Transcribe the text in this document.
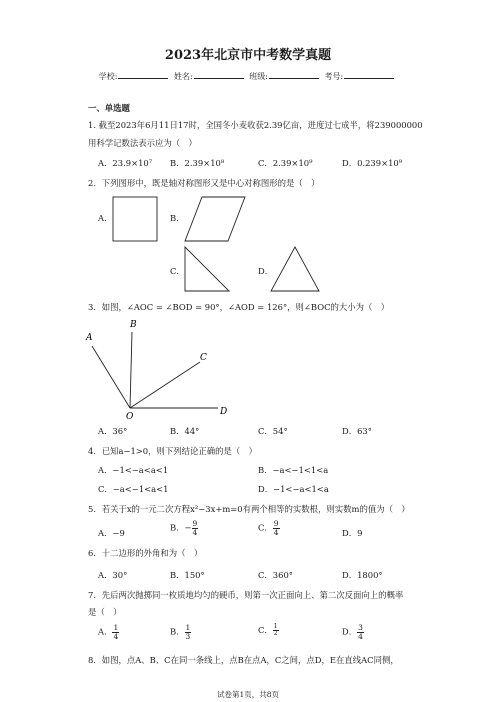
2023年北京市中考数学真题
学校:	姓名:	班级:	考号:
一、单选题
1. 截至2023年6月11日17时，全国冬小麦收获2.39亿亩，进度过七成半，将239000000
用科学记数法表示应为（　）
A．23.9×10⁷ B．2.39×10⁸	C．2.39×10⁹	D．0.239×10⁹
2．下列图形中，既是轴对称图形又是中心对称图形的是（　）
A．	B．
C．	D．
3．如图，∠AOC = ∠BOD = 90°，∠AOD = 126°，则∠BOC的大小为（　）
A
B
C
D
O
A．36°	B．44°	C．54°	D．63°
4．已知a−1>0，则下列结论正确的是（　）
A．−1<−a<a<1	B．−a<−1<1<a
C．−a<−1<a<1	D．−1<−a<1<a
5．若关于x的一元二次方程x²−3x+m=0有两个相等的实数根，则实数m的值为（　）
A．−9
B．− $\frac{9}{4}$	C． $\frac{9}{4}$	D．9
6．十二边形的外角和为（　）
A．30°	B．150°	C．360°	D．1800°
7．先后两次抛掷同一枚质地均匀的硬币，则第一次正面向上、第二次反面向上的概率
是（　）
A． $\frac{1}{4}$	B． $\frac{1}{3}$	C． $\frac{1}{2}$	D． $\frac{3}{4}$
8．如图，点A、B、C在同一条线上，点B在点A，C之间，点D，E在直线AC同侧，
试卷第1页，共8页
